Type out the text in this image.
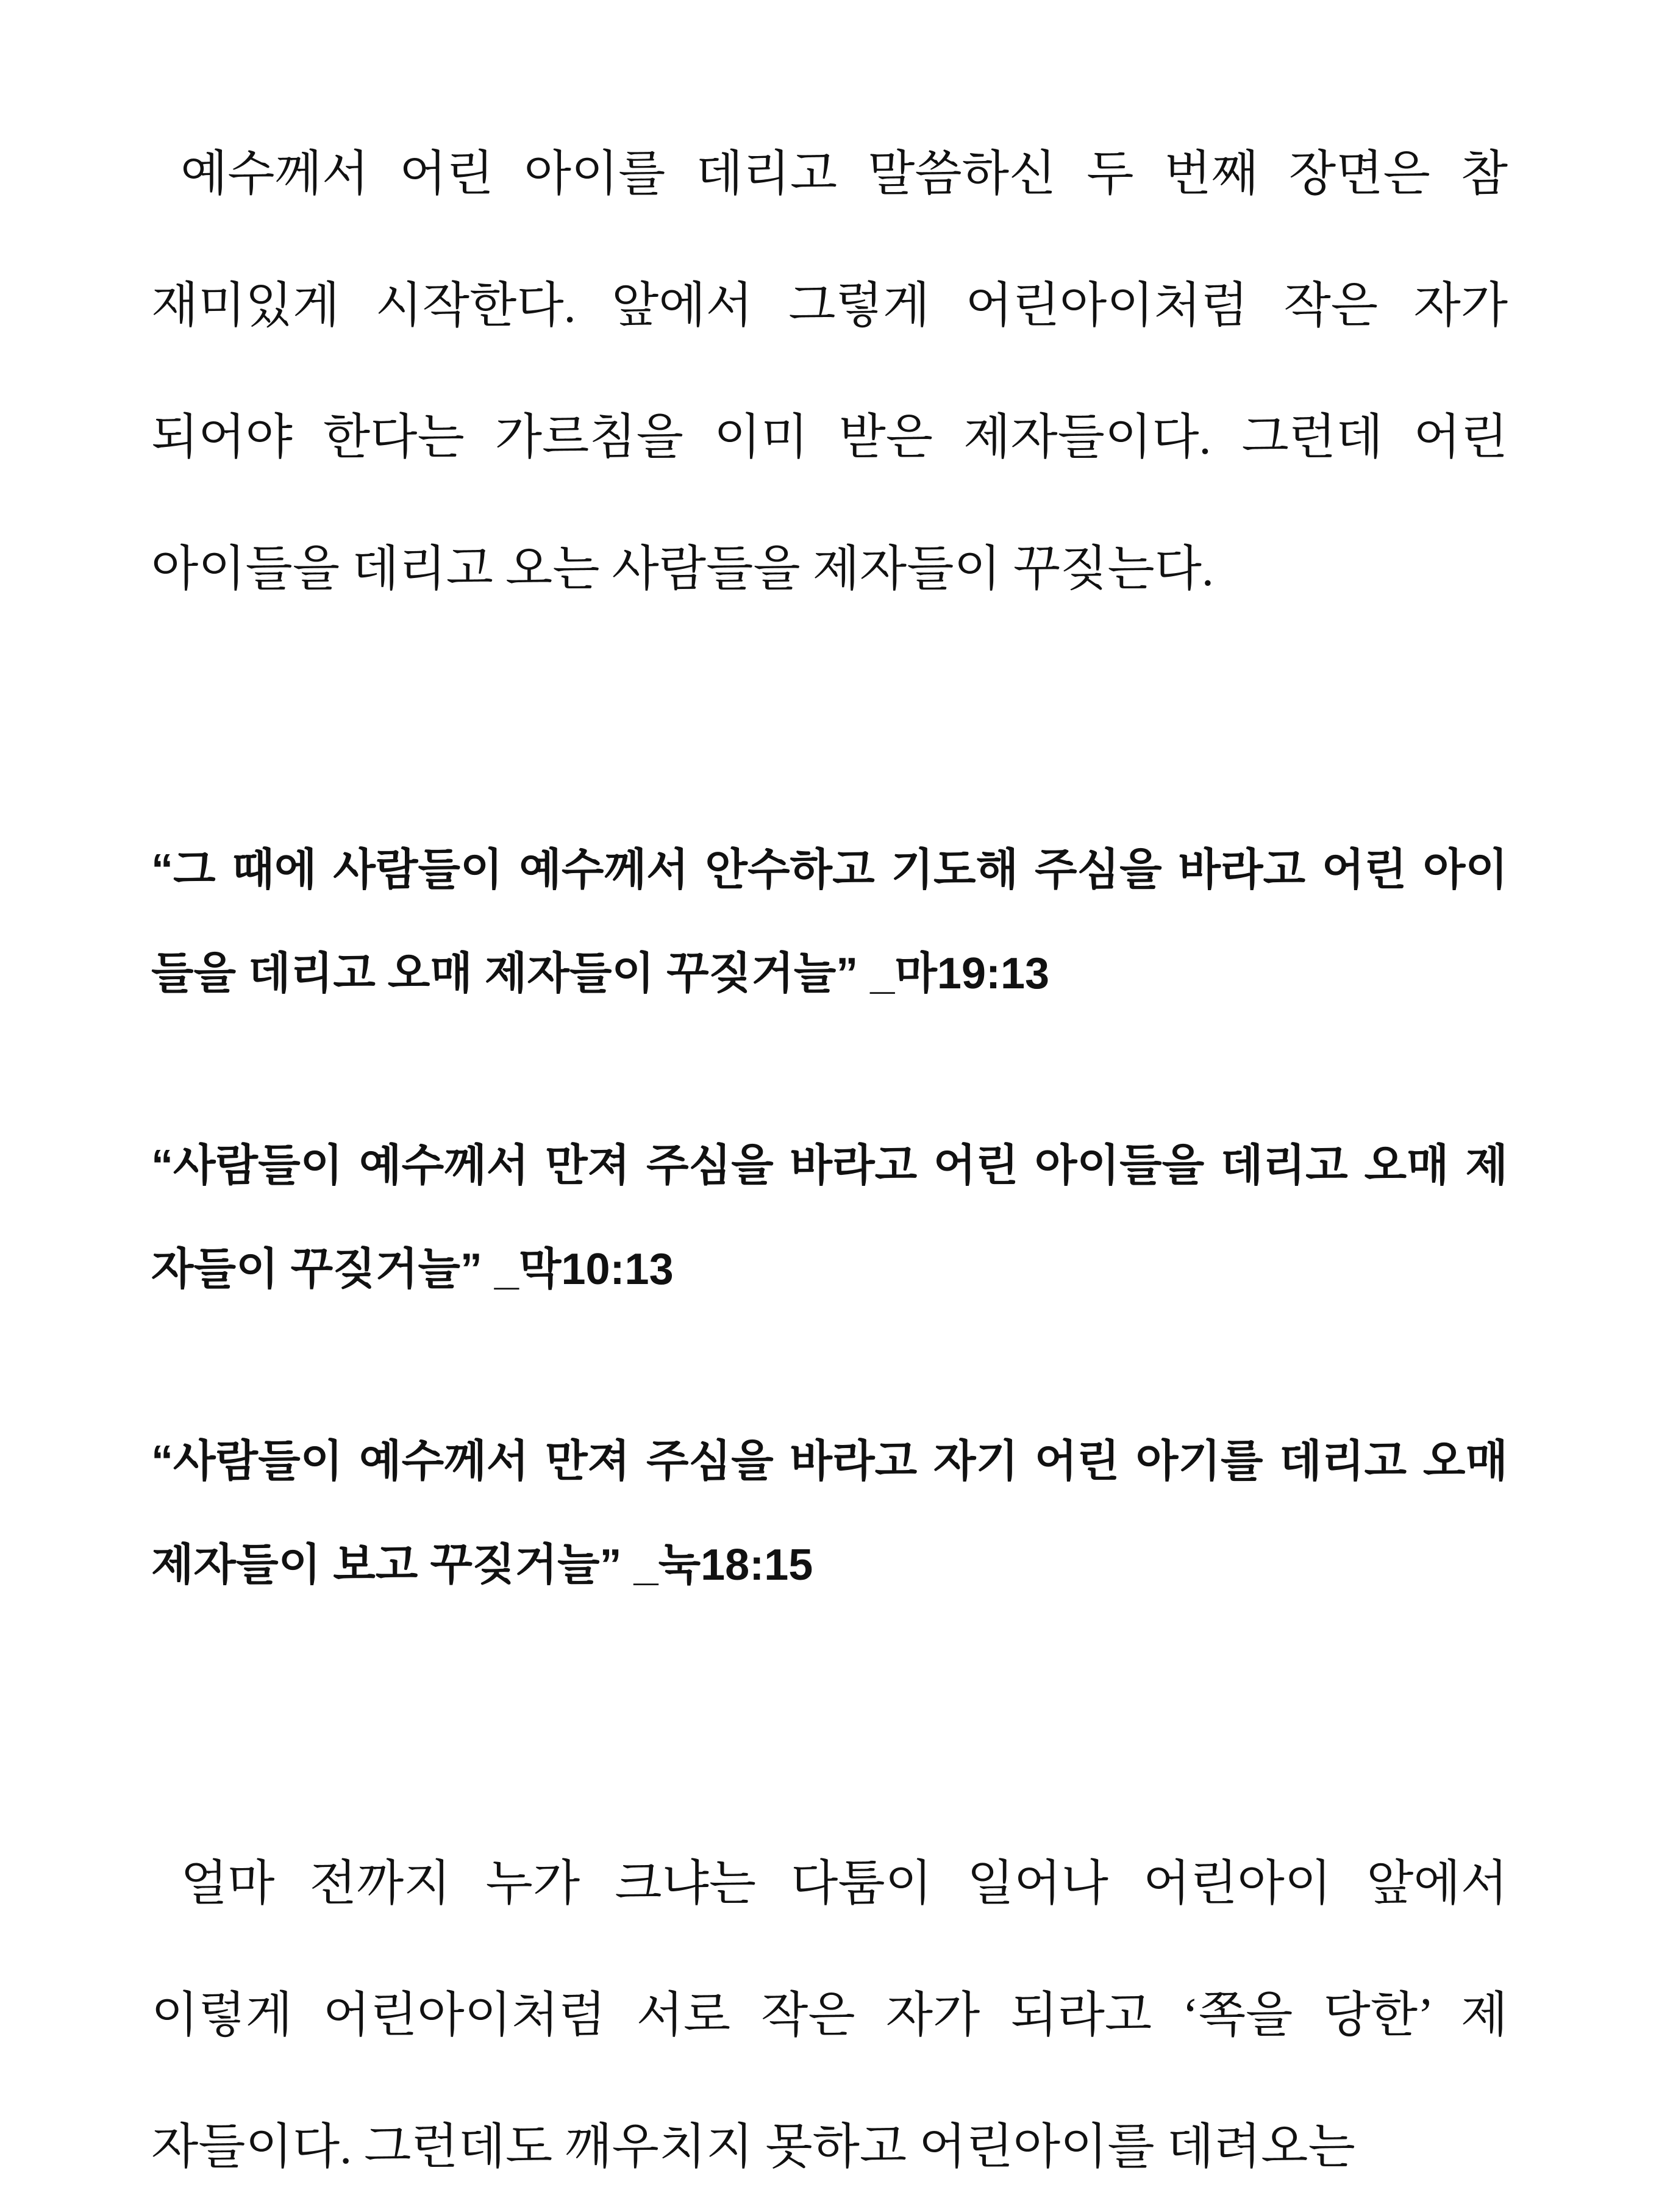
예수께서 어린 아이를 데리고 말씀하신 두 번째 장면은 참
재미있게 시작한다. 앞에서 그렇게 어린아이처럼 작은 자가
되어야 한다는 가르침을 이미 받은 제자들이다. 그런데 어린
아이들을 데리고 오는 사람들을 제자들이 꾸짖는다.
“그 때에 사람들이 예수께서 안수하고 기도해 주심을 바라고 어린 아이
들을 데리고 오매 제자들이 꾸짖거늘” _마19:13
“사람들이 예수께서 만져 주심을 바라고 어린 아이들을 데리고 오매 제
자들이 꾸짖거늘” _막10:13
“사람들이 예수께서 만져 주심을 바라고 자기 어린 아기를 데리고 오매
제자들이 보고 꾸짖거늘” _눅18:15
얼마 전까지 누가 크냐는 다툼이 일어나 어린아이 앞에서
이렇게 어린아이처럼 서로 작은 자가 되라고 ‘쪽을 당한’ 제
자들이다. 그런데도 깨우치지 못하고 어린아이를 데려오는
